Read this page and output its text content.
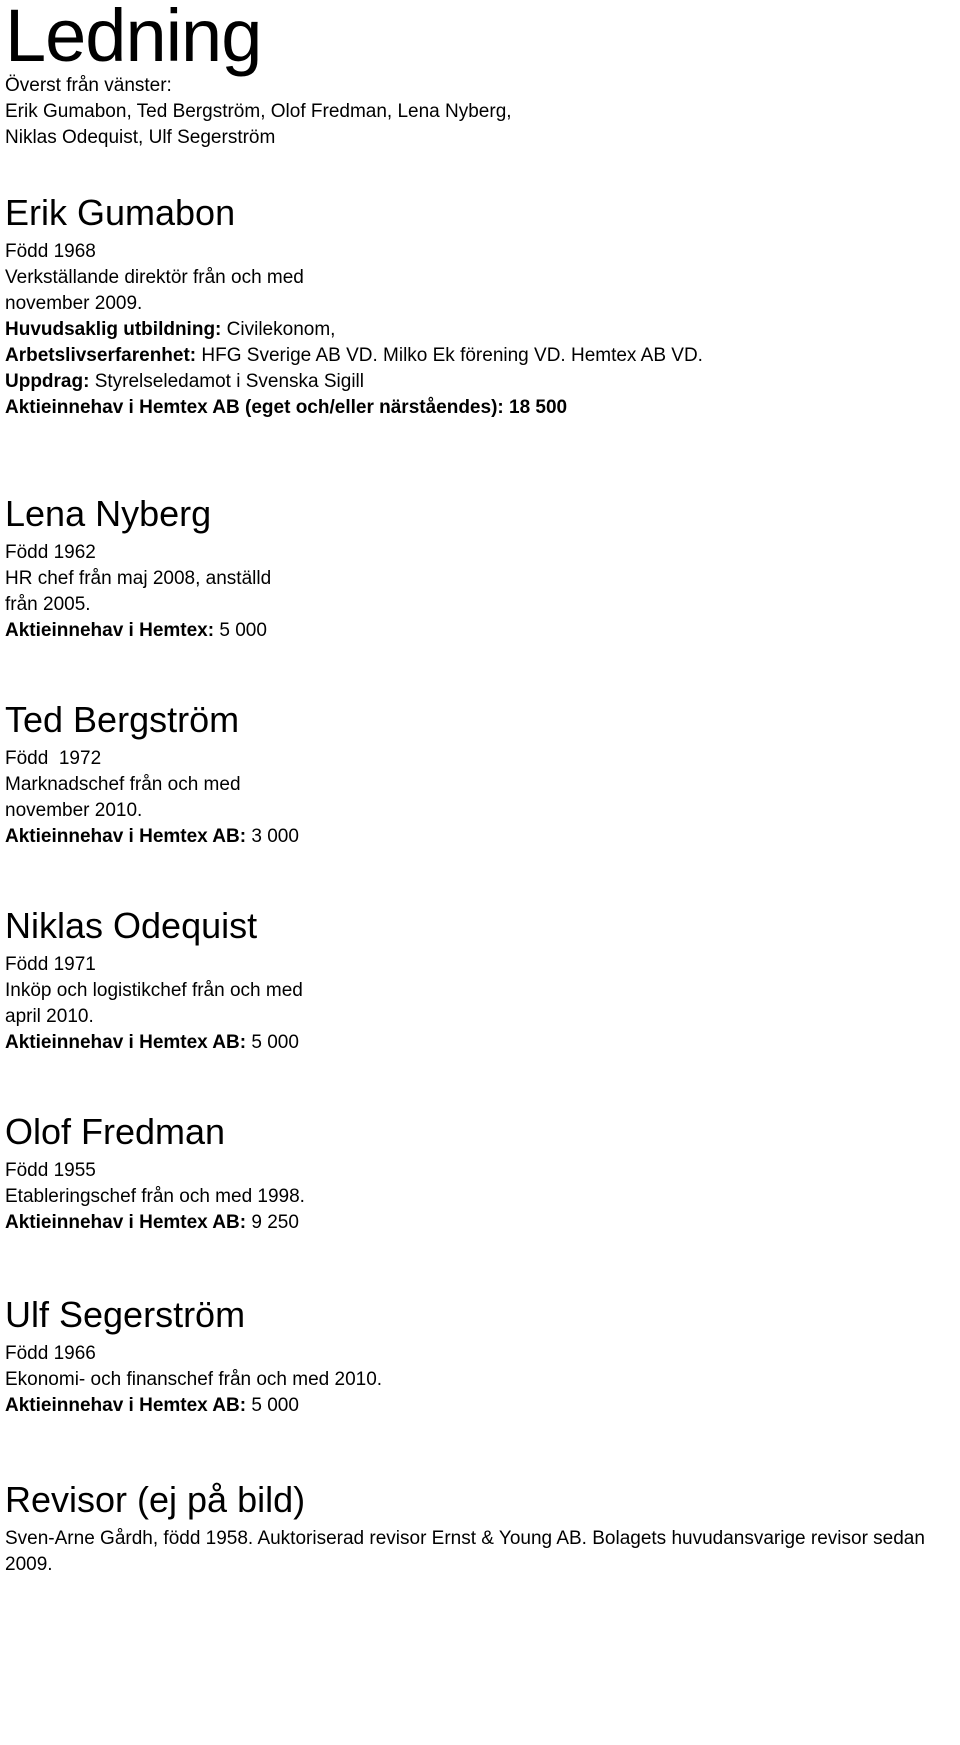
Ledning
Överst från vänster:
Erik Gumabon, Ted Bergström, Olof Fredman, Lena Nyberg,
Niklas Odequist, Ulf Segerström
Erik Gumabon
Född 1968
Verkställande direktör från och med
november 2009.
Huvudsaklig utbildning: Civilekonom,
Arbetslivserfarenhet: HFG Sverige AB VD. Milko Ek förening VD. Hemtex AB VD.
Uppdrag: Styrelseledamot i Svenska Sigill
Aktieinnehav i Hemtex AB (eget och/eller närståendes): 18 500
Lena Nyberg
Född 1962
HR chef från maj 2008, anställd
från 2005.
Aktieinnehav i Hemtex: 5 000
Ted Bergström
Född  1972
Marknadschef från och med
november 2010.
Aktieinnehav i Hemtex AB: 3 000
Niklas Odequist
Född 1971
Inköp och logistikchef från och med
april 2010.
Aktieinnehav i Hemtex AB: 5 000
Olof Fredman
Född 1955
Etableringschef från och med 1998.
Aktieinnehav i Hemtex AB: 9 250
Ulf Segerström
Född 1966
Ekonomi- och finanschef från och med 2010.
Aktieinnehav i Hemtex AB: 5 000
Revisor (ej på bild)
Sven-Arne Gårdh, född 1958. Auktoriserad revisor Ernst & Young AB. Bolagets huvudansvarige revisor sedan 2009.
